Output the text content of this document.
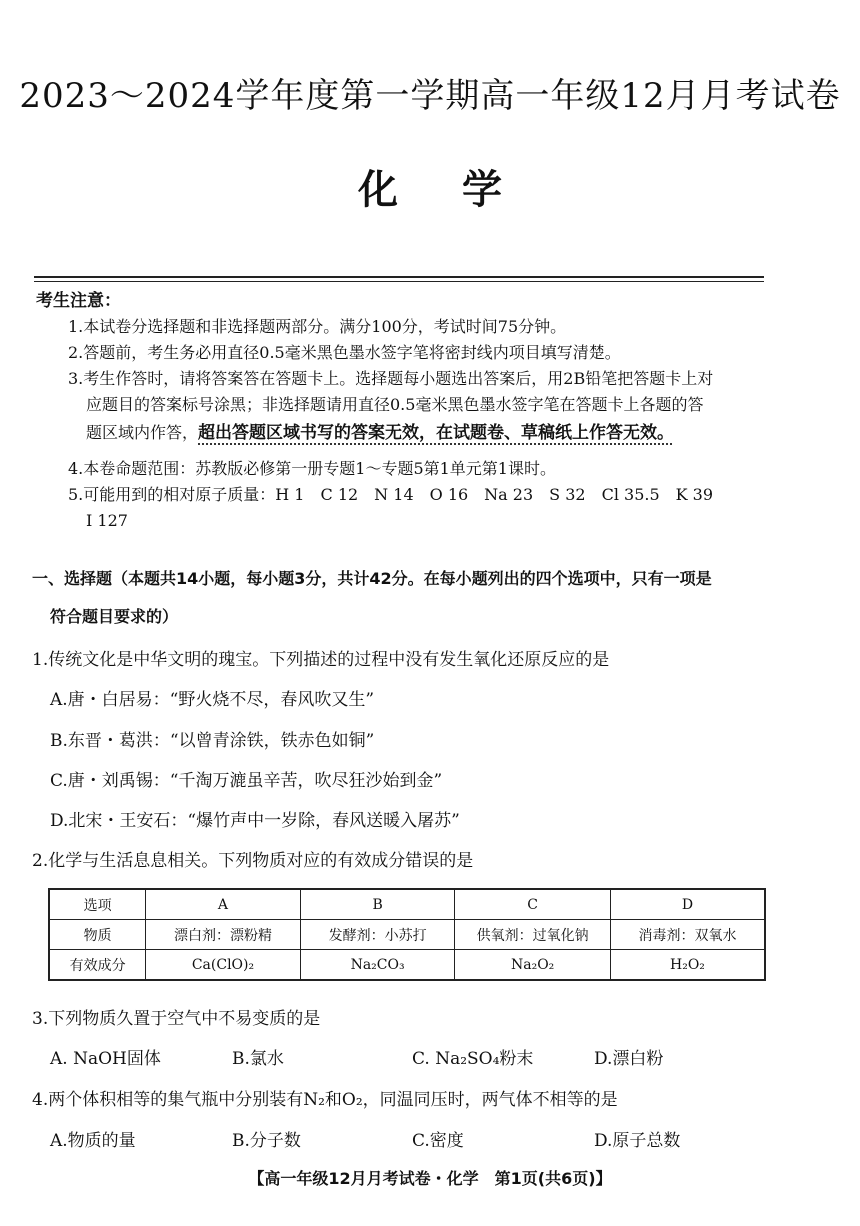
2023～2024学年度第一学期高一年级12月月考试卷
化 学
考生注意：
1.本试卷分选择题和非选择题两部分。满分100分，考试时间75分钟。
2.答题前，考生务必用直径0.5毫米黑色墨水签字笔将密封线内项目填写清楚。
3.考生作答时，请将答案答在答题卡上。选择题每小题选出答案后，用2B铅笔把答题卡上对
应题目的答案标号涂黑；非选择题请用直径0.5毫米黑色墨水签字笔在答题卡上各题的答
题区域内作答，超出答题区域书写的答案无效，在试题卷、草稿纸上作答无效。
4.本卷命题范围：苏教版必修第一册专题1～专题5第1单元第1课时。
5.可能用到的相对原子质量：H 1　C 12　N 14　O 16　Na 23　S 32　Cl 35.5　K 39
I 127
一、选择题（本题共14小题，每小题3分，共计42分。在每小题列出的四个选项中，只有一项是
符合题目要求的）
1.传统文化是中华文明的瑰宝。下列描述的过程中没有发生氧化还原反应的是
A.唐・白居易：“野火烧不尽，春风吹又生”
B.东晋・葛洪：“以曾青涂铁，铁赤色如铜”
C.唐・刘禹锡：“千淘万漉虽辛苦，吹尽狂沙始到金”
D.北宋・王安石：“爆竹声中一岁除，春风送暖入屠苏”
2.化学与生活息息相关。下列物质对应的有效成分错误的是
选项	A	B	C	D
物质	漂白剂：漂粉精	发酵剂：小苏打	供氧剂：过氧化钠	消毒剂：双氧水
有效成分	Ca(ClO)₂	Na₂CO₃	Na₂O₂	H₂O₂
3.下列物质久置于空气中不易变质的是
A. NaOH固体	B.氯水	C. Na₂SO₄粉末	D.漂白粉
4.两个体积相等的集气瓶中分别装有N₂和O₂，同温同压时，两气体不相等的是
A.物质的量	B.分子数	C.密度	D.原子总数
【高一年级12月月考试卷・化学　第1页(共6页)】
